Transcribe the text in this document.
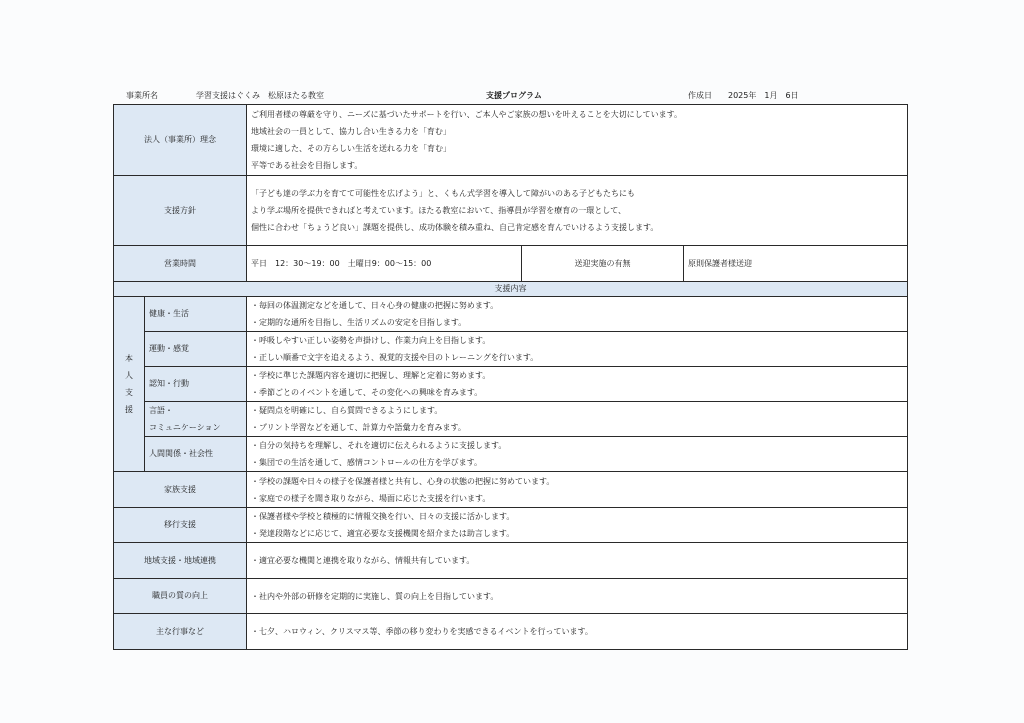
事業所名	学習支援はぐくみ　松原ほたる教室	支援プログラム	作成日 2025年　1月　6日
法人（事業所）理念		ご利用者様の尊厳を守り、ニーズに基づいたサポートを行い、ご本人やご家族の想いを叶えることを大切にしています。
地域社会の一員として、協力し合い生きる力を「育む」
環境に適した、その方らしい生活を送れる力を「育む」
平等である社会を目指します。		

支援方針		「子ども達の学ぶ力を育てて可能性を広げよう」と、くもん式学習を導入して障がいのある子どもたちにも
より学ぶ場所を提供できればと考えています。ほたる教室において、指導員が学習を療育の一環として、
個性に合わせ「ちょうど良い」課題を提供し、成功体験を積み重ね、自己肯定感を育んでいけるよう支援します。		

営業時間		平日　12：30～19：00　土曜日9：00～15：00	送迎実施の有無	原則保護者様送迎
支援内容				
本人支援	健康・生活	・毎回の体温測定などを通して、日々心身の健康の把握に努めます。
・定期的な通所を目指し、生活リズムの安定を目指します。		

	運動・感覚	・呼吸しやすい正しい姿勢を声掛けし、作業力向上を目指します。
・正しい順番で文字を追えるよう、視覚的支援や目のトレーニングを行います。		

	認知・行動	・学校に準じた課題内容を適切に把握し、理解と定着に努めます。
・季節ごとのイベントを通して、その変化への興味を育みます。		

	言語・
コミュニケーション	・疑問点を明確にし、自ら質問できるようにします。
・プリント学習などを通して、計算力や語彙力を育みます。		

	人間関係・社会性	・自分の気持ちを理解し、それを適切に伝えられるように支援します。
・集団での生活を通して、感情コントロールの仕方を学びます。		

家族支援		・学校の課題や日々の様子を保護者様と共有し、心身の状態の把握に努めています。
・家庭での様子を聞き取りながら、場面に応じた支援を行います。		

移行支援		・保護者様や学校と積極的に情報交換を行い、日々の支援に活かします。
・発達段階などに応じて、適宜必要な支援機関を紹介または助言します。		

地域支援・地域連携		・適宜必要な機関と連携を取りながら、情報共有しています。		

職員の質の向上		・社内や外部の研修を定期的に実施し、質の向上を目指しています。		

主な行事など		・七夕、ハロウィン、クリスマス等、季節の移り変わりを実感できるイベントを行っています。		
